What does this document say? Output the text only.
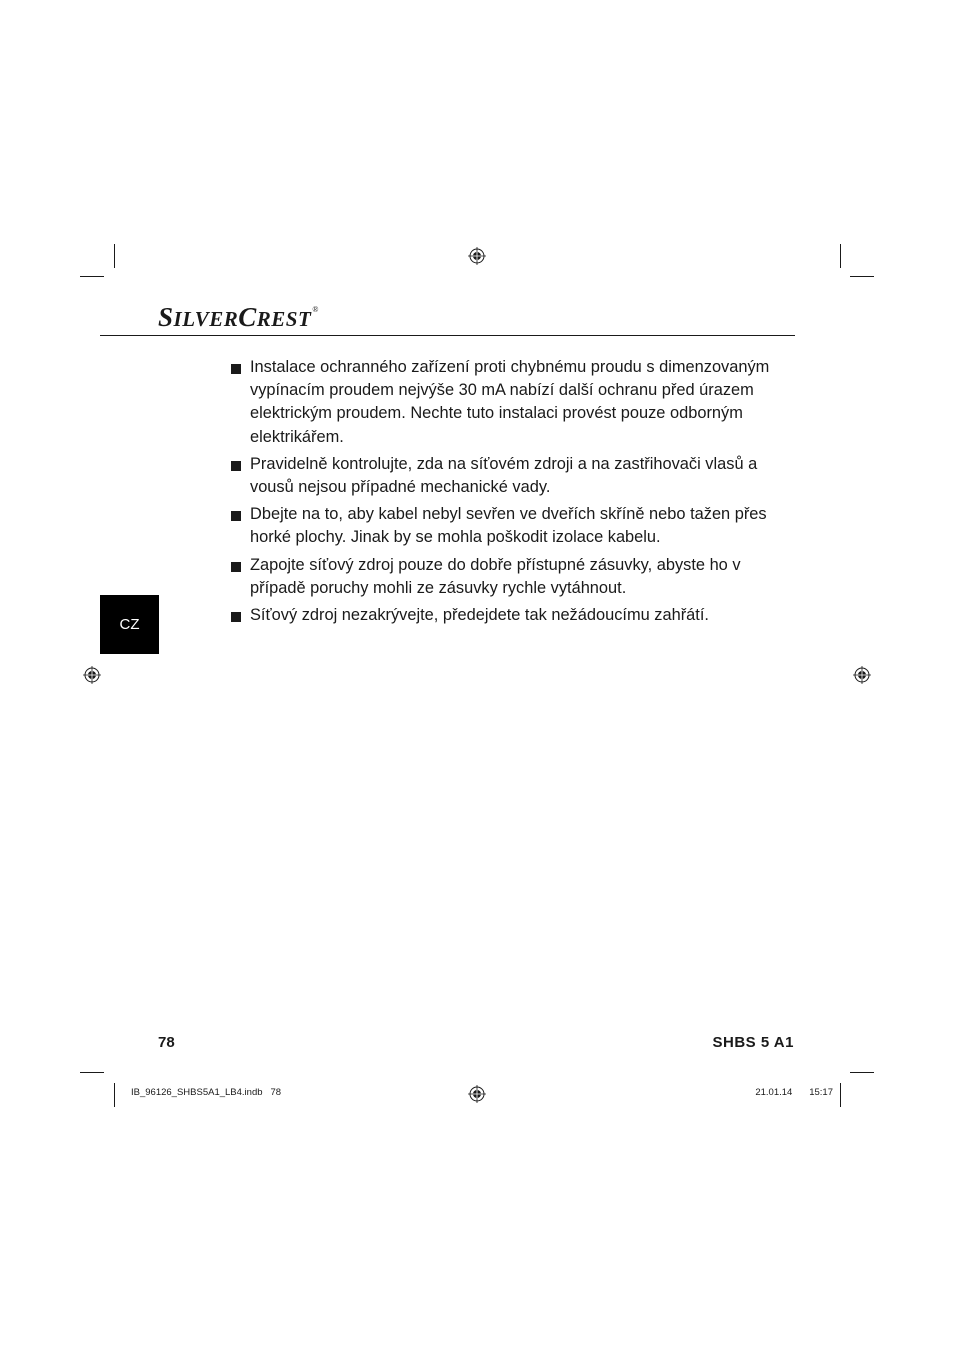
SILVERCREST®
Instalace ochranného zařízení proti chybnému proudu s dimenzovaným vypínacím proudem nejvýše 30 mA nabízí další ochranu před úrazem elektrickým proudem. Nechte tuto instalaci provést pouze odborným elektrikářem.
Pravidelně kontrolujte, zda na síťovém zdroji a na zastřihovači vlasů a vousů nejsou případné mechanické vady.
Dbejte na to, aby kabel nebyl sevřen ve dveřích skříně nebo tažen přes horké plochy. Jinak by se mohla poškodit izolace kabelu.
Zapojte síťový zdroj pouze do dobře přístupné zásuvky, abyste ho v případě poruchy mohli ze zásuvky rychle vytáhnout.
Síťový zdroj nezakrývejte, předejdete tak nežádoucímu zahřátí.
CZ
78	SHBS 5 A1
IB_96126_SHBS5A1_LB4.indb   78	21.01.14   15:17
